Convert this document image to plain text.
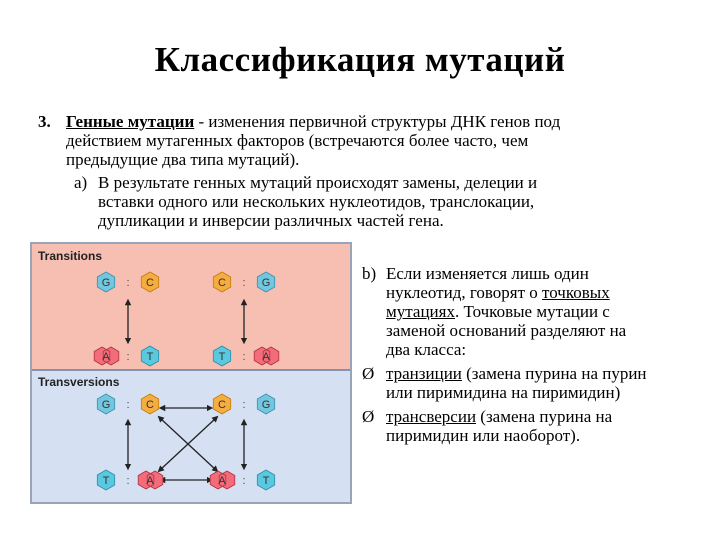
Классификация мутаций

3. Генные мутации - изменения первичной структуры ДНК генов под

действием мутагенных факторов (встречаются более часто, чем

предыдущие два типа мутаций).

a) В результате генных мутаций происходят замены, делеции и

вставки одного или нескольких нуклеотидов, транслокации,

дупликации и инверсии различных частей гена.

Transitions
Transversions
G	C
:	C	G
:
A	T
:	T	A
:
G	C
:	C	G
:
T	A
:	A	T
:

b) Если изменяется лишь один

нуклеотид, говорят о точковых

мутациях. Точковые мутации с

заменой оснований разделяют на

два класса:

Ø транзиции (замена пурина на пурин

или пиримидина на пиримидин)

Ø трансверсии (замена пурина на

пиримидин или наоборот).
